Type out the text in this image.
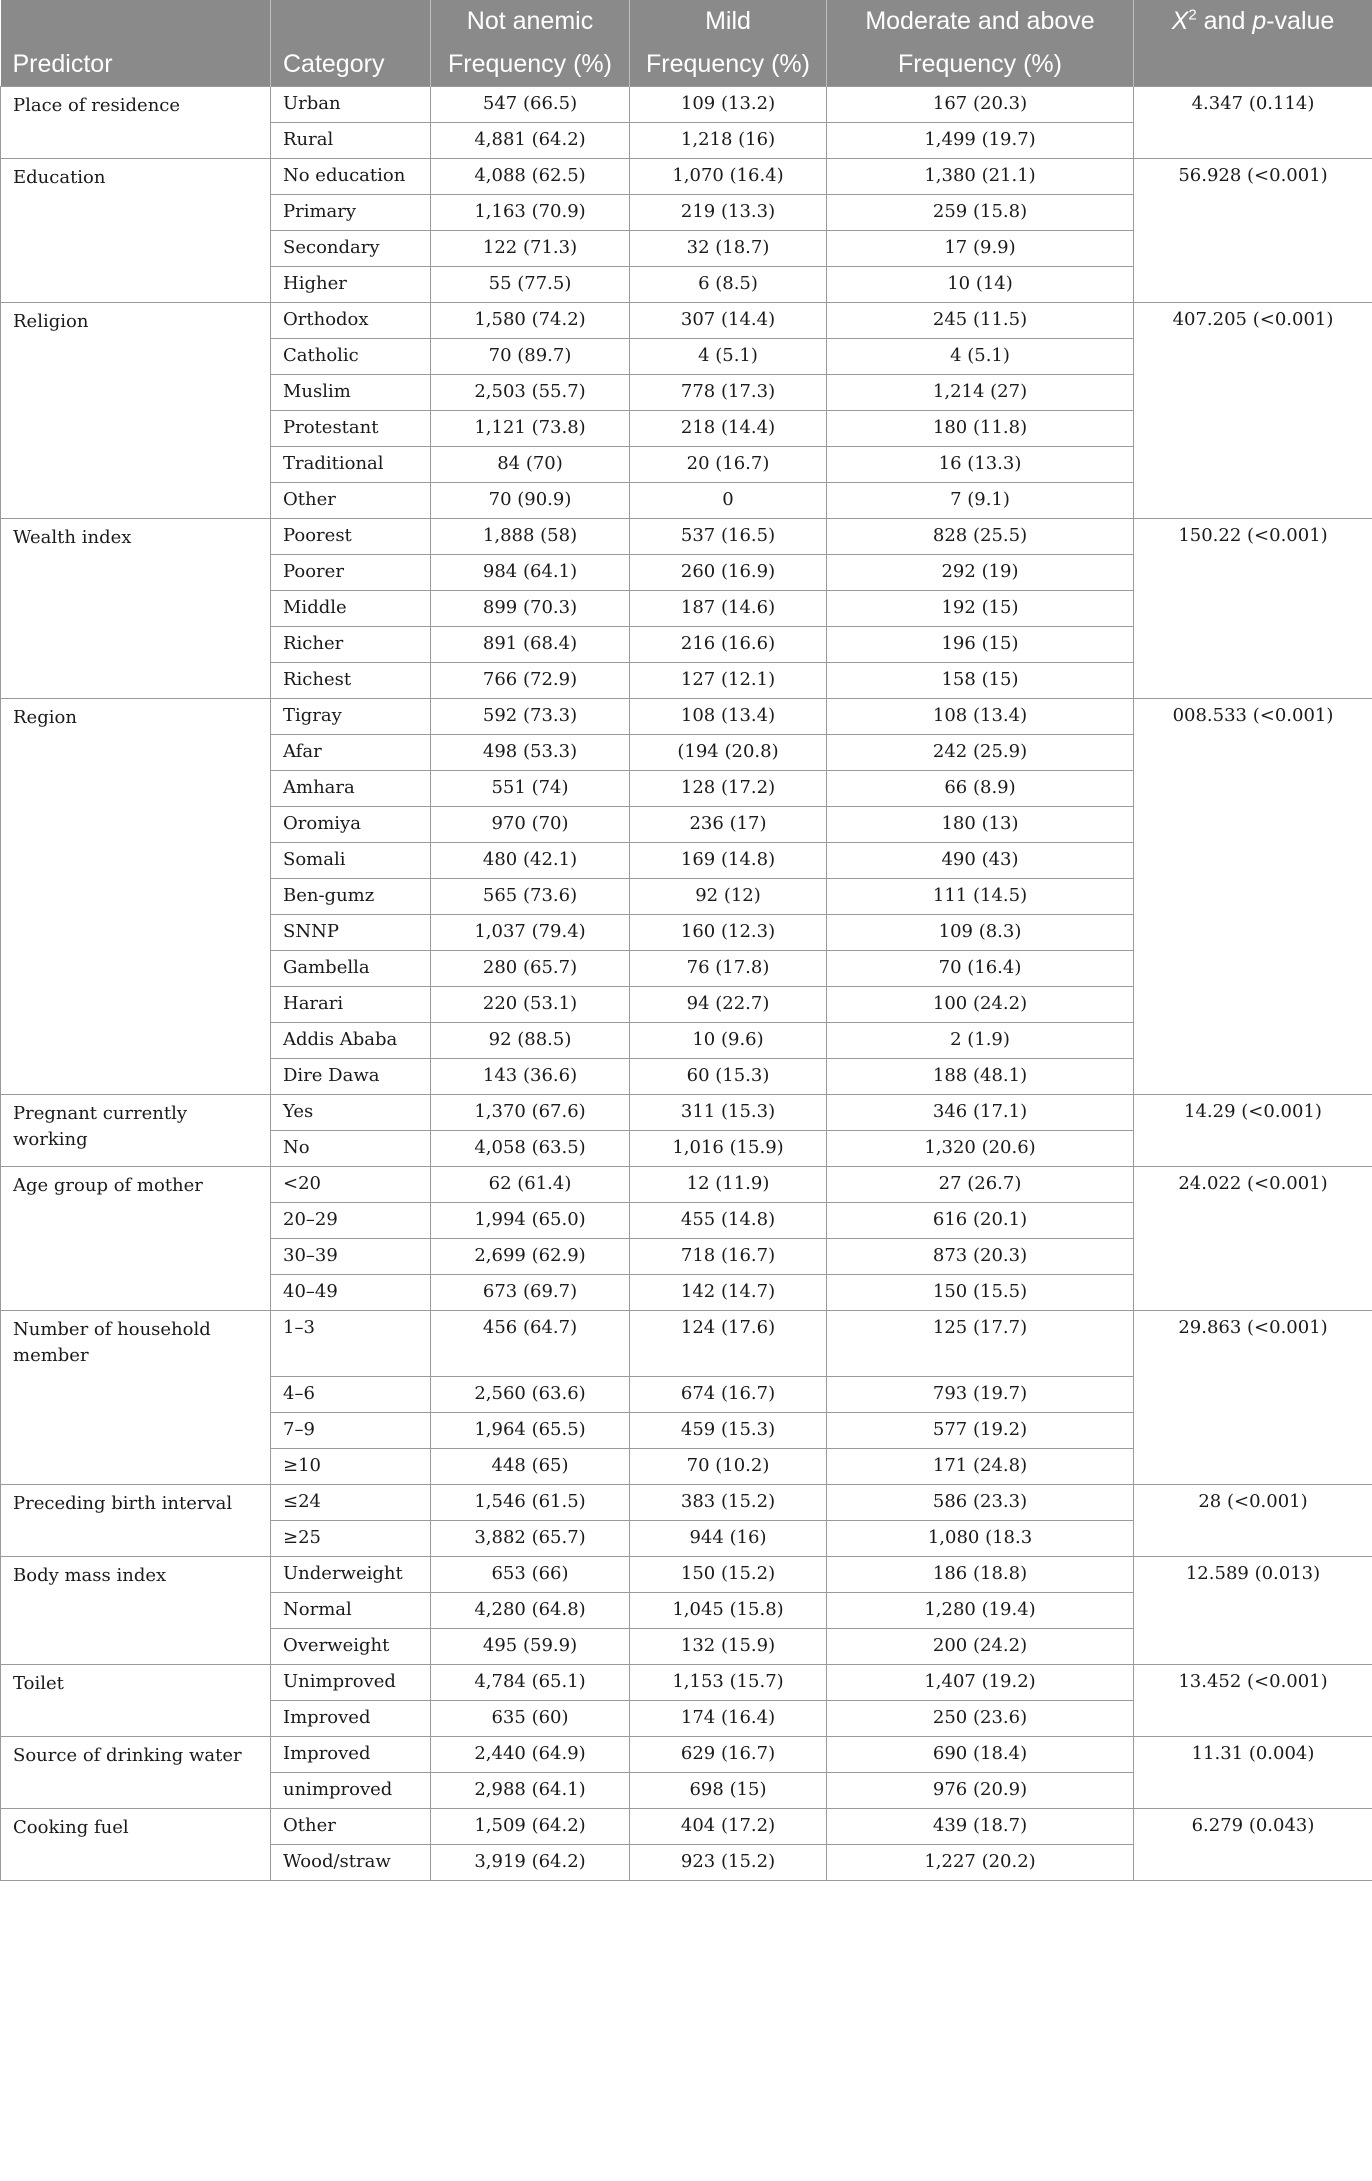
		Not anemic	Mild	Moderate and above	$X^2$ and p-value
Predictor	Category	Frequency (%)	Frequency (%)	Frequency (%)	
Place of residence	Urban	547 (66.5)	109 (13.2)	167 (20.3)	4.347 (0.114)
	Rural	4,881 (64.2)	1,218 (16)	1,499 (19.7)	
Education	No education	4,088 (62.5)	1,070 (16.4)	1,380 (21.1)	56.928 (<0.001)
	Primary	1,163 (70.9)	219 (13.3)	259 (15.8)	
	Secondary	122 (71.3)	32 (18.7)	17 (9.9)	
	Higher	55 (77.5)	6 (8.5)	10 (14)	
Religion	Orthodox	1,580 (74.2)	307 (14.4)	245 (11.5)	407.205 (<0.001)
	Catholic	70 (89.7)	4 (5.1)	4 (5.1)	
	Muslim	2,503 (55.7)	778 (17.3)	1,214 (27)	
	Protestant	1,121 (73.8)	218 (14.4)	180 (11.8)	
	Traditional	84 (70)	20 (16.7)	16 (13.3)	
	Other	70 (90.9)	0	7 (9.1)	
Wealth index	Poorest	1,888 (58)	537 (16.5)	828 (25.5)	150.22 (<0.001)
	Poorer	984 (64.1)	260 (16.9)	292 (19)	
	Middle	899 (70.3)	187 (14.6)	192 (15)	
	Richer	891 (68.4)	216 (16.6)	196 (15)	
	Richest	766 (72.9)	127 (12.1)	158 (15)	
Region	Tigray	592 (73.3)	108 (13.4)	108 (13.4)	008.533 (<0.001)
	Afar	498 (53.3)	(194 (20.8)	242 (25.9)	
	Amhara	551 (74)	128 (17.2)	66 (8.9)	
	Oromiya	970 (70)	236 (17)	180 (13)	
	Somali	480 (42.1)	169 (14.8)	490 (43)	
	Ben-gumz	565 (73.6)	92 (12)	111 (14.5)	
	SNNP	1,037 (79.4)	160 (12.3)	109 (8.3)	
	Gambella	280 (65.7)	76 (17.8)	70 (16.4)	
	Harari	220 (53.1)	94 (22.7)	100 (24.2)	
	Addis Ababa	92 (88.5)	10 (9.6)	2 (1.9)	
	Dire Dawa	143 (36.6)	60 (15.3)	188 (48.1)	
Pregnant currently working	Yes	1,370 (67.6)	311 (15.3)	346 (17.1)	14.29 (<0.001)
	No	4,058 (63.5)	1,016 (15.9)	1,320 (20.6)	
Age group of mother	<20	62 (61.4)	12 (11.9)	27 (26.7)	24.022 (<0.001)
	20–29	1,994 (65.0)	455 (14.8)	616 (20.1)	
	30–39	2,699 (62.9)	718 (16.7)	873 (20.3)	
	40–49	673 (69.7)	142 (14.7)	150 (15.5)	
Number of household member	1–3	456 (64.7)	124 (17.6)	125 (17.7)	29.863 (<0.001)
	4–6	2,560 (63.6)	674 (16.7)	793 (19.7)	
	7–9	1,964 (65.5)	459 (15.3)	577 (19.2)	
	≥10	448 (65)	70 (10.2)	171 (24.8)	
Preceding birth interval	≤24	1,546 (61.5)	383 (15.2)	586 (23.3)	28 (<0.001)
	≥25	3,882 (65.7)	944 (16)	1,080 (18.3	
Body mass index	Underweight	653 (66)	150 (15.2)	186 (18.8)	12.589 (0.013)
	Normal	4,280 (64.8)	1,045 (15.8)	1,280 (19.4)	
	Overweight	495 (59.9)	132 (15.9)	200 (24.2)	
Toilet	Unimproved	4,784 (65.1)	1,153 (15.7)	1,407 (19.2)	13.452 (<0.001)
	Improved	635 (60)	174 (16.4)	250 (23.6)	
Source of drinking water	Improved	2,440 (64.9)	629 (16.7)	690 (18.4)	11.31 (0.004)
	unimproved	2,988 (64.1)	698 (15)	976 (20.9)	
Cooking fuel	Other	1,509 (64.2)	404 (17.2)	439 (18.7)	6.279 (0.043)
	Wood/straw	3,919 (64.2)	923 (15.2)	1,227 (20.2)	
